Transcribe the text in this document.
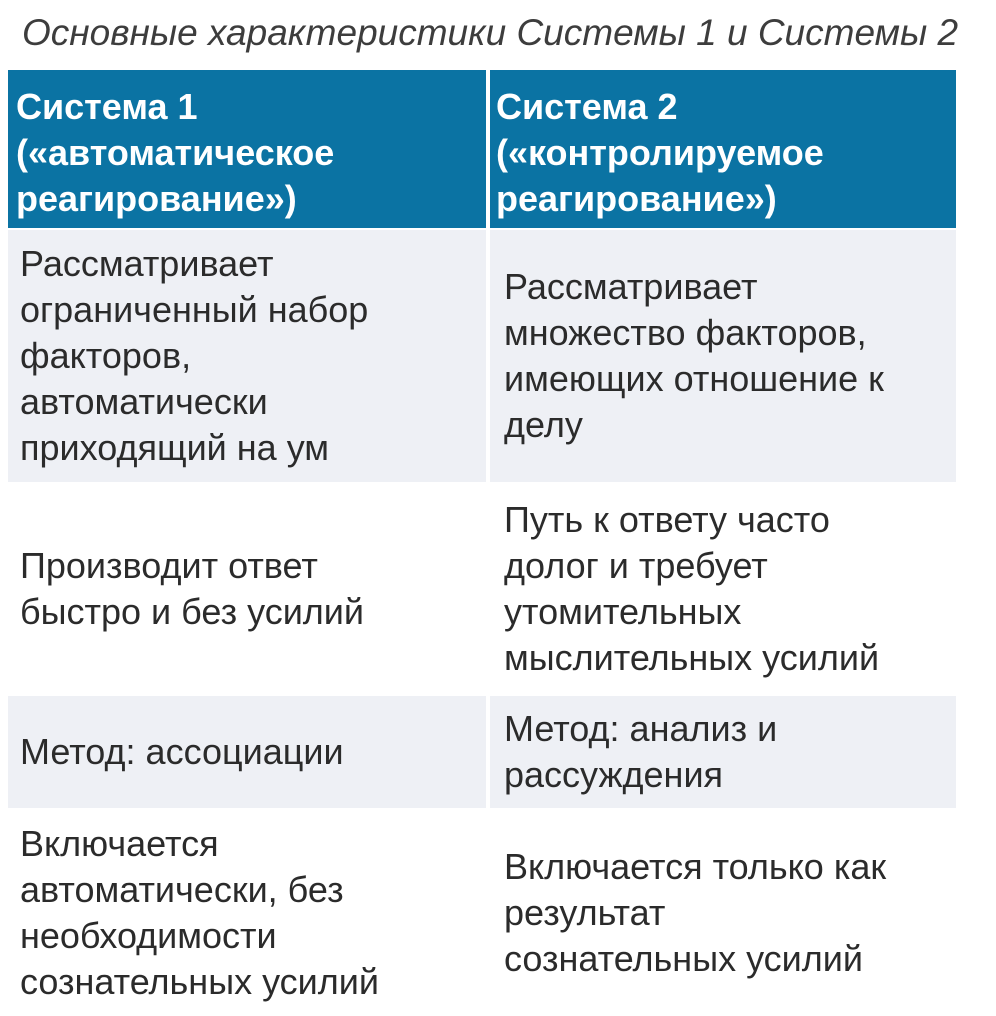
Основные характеристики Системы 1 и Системы 2
Система 1
(«автоматическое
реагирование»)
Система 2
(«контролируемое
реагирование»)
Рассматривает
ограниченный набор
факторов,
автоматически
приходящий на ум
Рассматривает
множество факторов,
имеющих отношение к
делу
Производит ответ
быстро и без усилий
Путь к ответу часто
долог и требует
утомительных
мыслительных усилий
Метод: ассоциации
Метод: анализ и
рассуждения
Включается
автоматически, без
необходимости
сознательных усилий
Включается только как
результат
сознательных усилий
